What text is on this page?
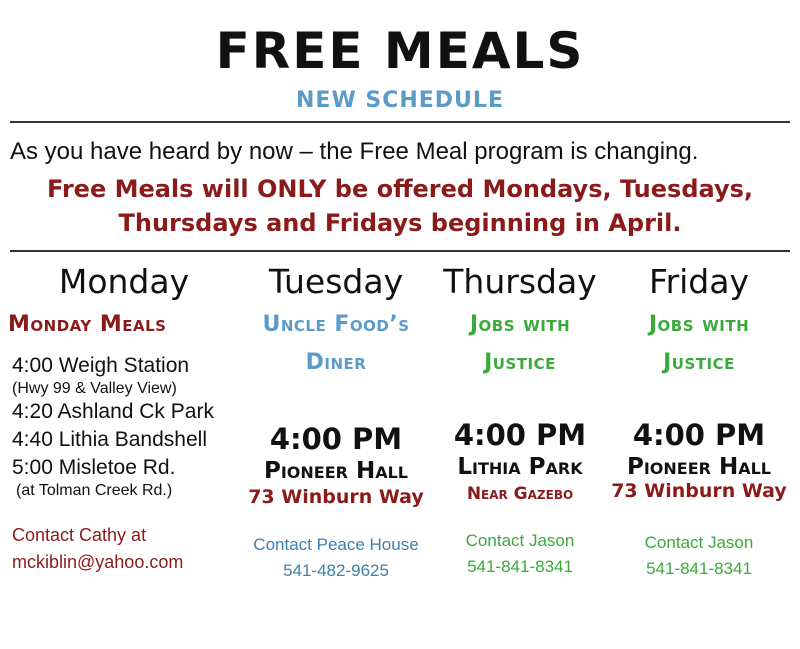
FREE MEALS
NEW SCHEDULE
As you have heard by now – the Free Meal program is changing.
Free Meals will ONLY be offered Mondays, Tuesdays,
Thursdays and Fridays beginning in April.
Monday
Monday Meals
4:00 Weigh Station
(Hwy 99 & Valley View)
4:20 Ashland Ck Park
4:40 Lithia Bandshell
5:00 Misletoe Rd.
(at Tolman Creek Rd.)
Contact Cathy at
mckiblin@yahoo.com
Tuesday
Uncle Food’s
Diner
4:00 PM
Pioneer Hall
73 Winburn Way
Contact Peace House
541-482-9625
Thursday
Jobs with
Justice
4:00 PM
Lithia Park
Near Gazebo
Contact Jason
541-841-8341
Friday
Jobs with
Justice
4:00 PM
Pioneer Hall
73 Winburn Way
Contact Jason
541-841-8341
